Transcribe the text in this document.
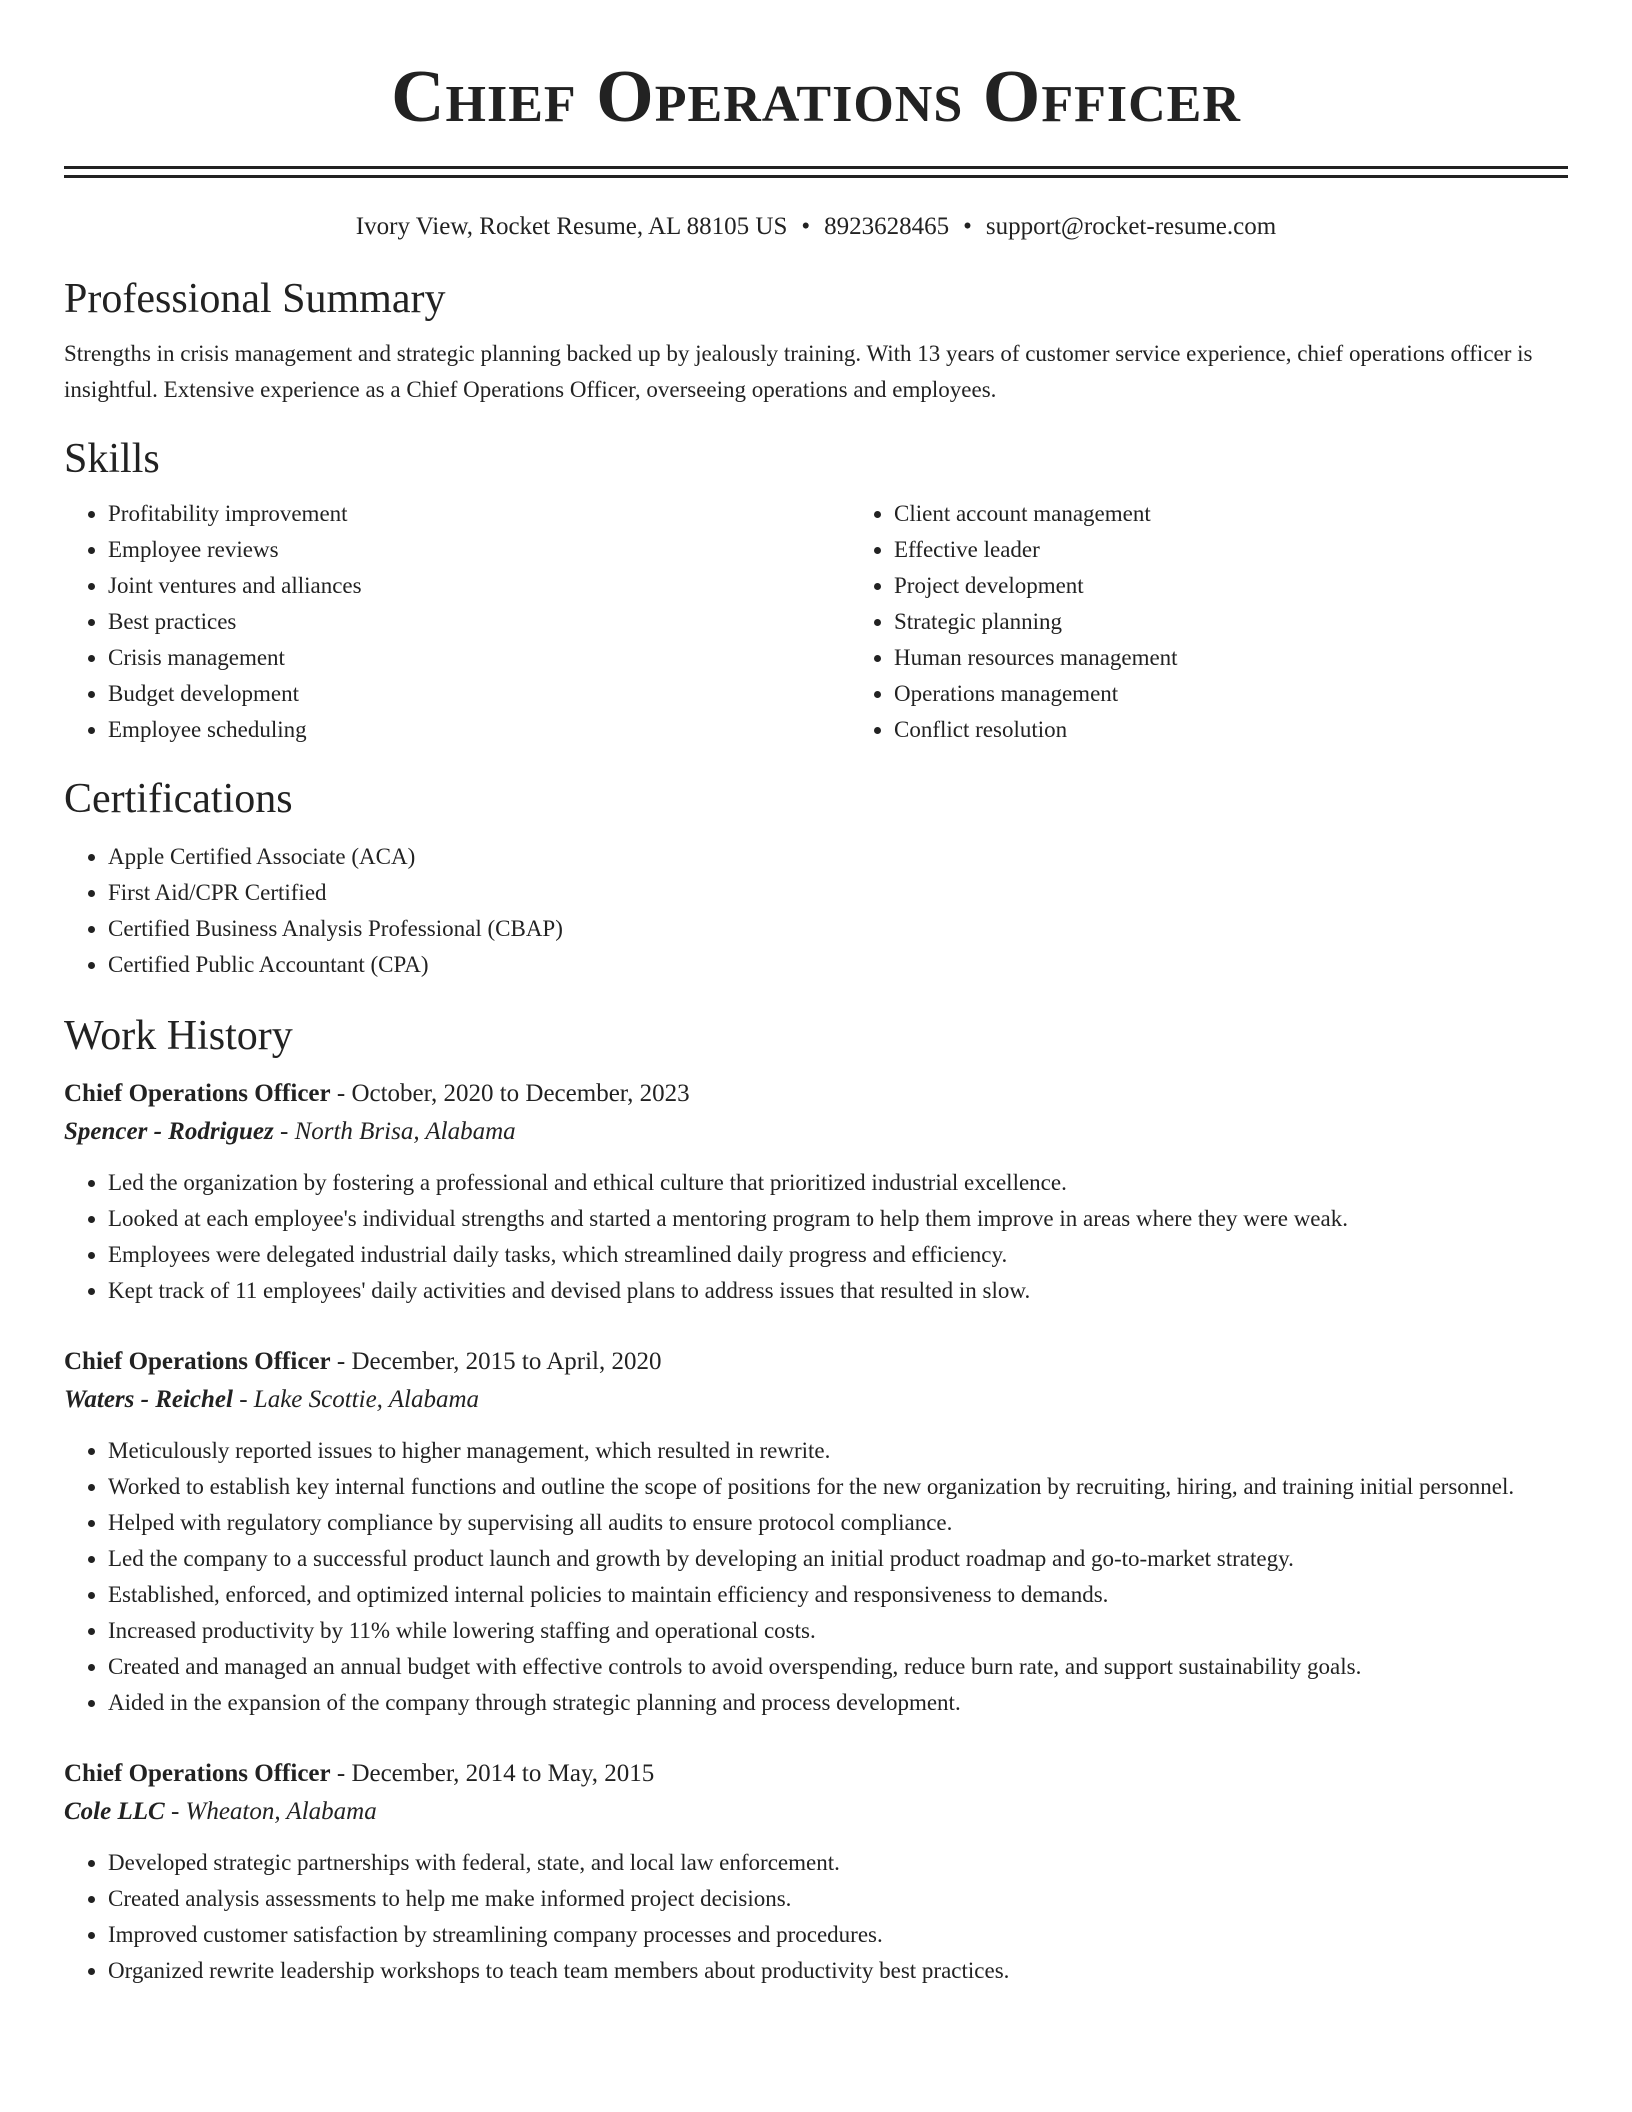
Chief Operations Officer
Ivory View, Rocket Resume, AL 88105 US • 8923628465 • support@rocket-resume.com
Professional Summary

Strengths in crisis management and strategic planning backed up by jealously training. With 13 years of customer service experience, chief operations officer is insightful. Extensive experience as a Chief Operations Officer, overseeing operations and employees.

Skills
• Profitability improvement
• Employee reviews
• Joint ventures and alliances
• Best practices
• Crisis management
• Budget development
• Employee scheduling
• Client account management
• Effective leader
• Project development
• Strategic planning
• Human resources management
• Operations management
• Conflict resolution
Certifications
• Apple Certified Associate (ACA)
• First Aid/CPR Certified
• Certified Business Analysis Professional (CBAP)
• Certified Public Accountant (CPA)
Work History
Chief Operations Officer - October, 2020 to December, 2023
Spencer - Rodriguez - North Brisa, Alabama
• Led the organization by fostering a professional and ethical culture that prioritized industrial excellence.
• Looked at each employee's individual strengths and started a mentoring program to help them improve in areas where they were weak.
• Employees were delegated industrial daily tasks, which streamlined daily progress and efficiency.
• Kept track of 11 employees' daily activities and devised plans to address issues that resulted in slow.
Chief Operations Officer - December, 2015 to April, 2020
Waters - Reichel - Lake Scottie, Alabama
• Meticulously reported issues to higher management, which resulted in rewrite.
• Worked to establish key internal functions and outline the scope of positions for the new organization by recruiting, hiring, and training initial personnel.
• Helped with regulatory compliance by supervising all audits to ensure protocol compliance.
• Led the company to a successful product launch and growth by developing an initial product roadmap and go-to-market strategy.
• Established, enforced, and optimized internal policies to maintain efficiency and responsiveness to demands.
• Increased productivity by 11% while lowering staffing and operational costs.
• Created and managed an annual budget with effective controls to avoid overspending, reduce burn rate, and support sustainability goals.
• Aided in the expansion of the company through strategic planning and process development.
Chief Operations Officer - December, 2014 to May, 2015
Cole LLC - Wheaton, Alabama
• Developed strategic partnerships with federal, state, and local law enforcement.
• Created analysis assessments to help me make informed project decisions.
• Improved customer satisfaction by streamlining company processes and procedures.
• Organized rewrite leadership workshops to teach team members about productivity best practices.
